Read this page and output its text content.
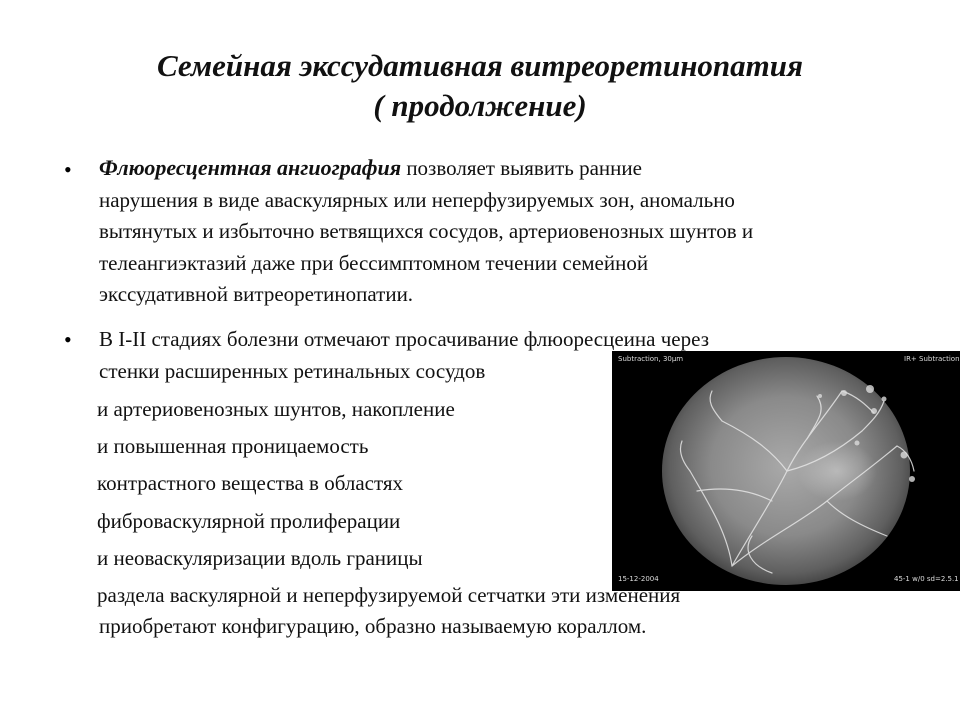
Семейная экссудативная витреоретинопатия
( продолжение)
• Флюоресцентная ангиография позволяет выявить ранние
нарушения в виде аваскулярных или неперфузируемых зон, аномально
вытянутых и избыточно ветвящихся сосудов, артериовенозных шунтов и
телеангиэктазий даже при бессимптомном течении семейной
экссудативной витреоретинопатии.
Subtraction, 30µm	IR+ Subtraction
15-12-2004	45-1 w/0 sd=2.5.1
• В I-II стадиях болезни отмечают просачивание флюоресцеина через
стенки расширенных ретинальных сосудов
и артериовенозных шунтов, накопление
и повышенная проницаемость
контрастного вещества в областях
фиброваскулярной пролиферации
и неоваскуляризации вдоль границы
раздела васкулярной и неперфузируемой сетчатки эти изменения
приобретают конфигурацию, образно называемую кораллом.
